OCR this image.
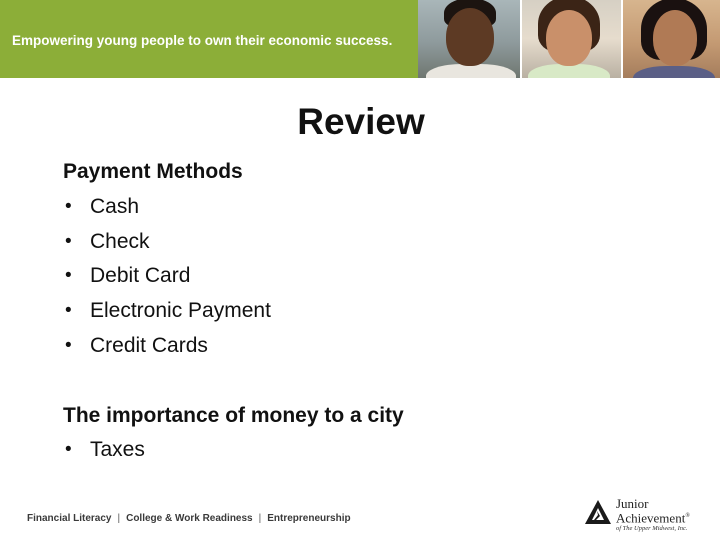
Empowering young people to own their economic success.
Review

Payment Methods

• Cash
• Check
• Debit Card
• Electronic Payment
• Credit Cards

The importance of money to a city

• Taxes
Financial Literacy | College & Work Readiness | Entrepreneurship
Junior
Achievement®
of The Upper Midwest, Inc.
